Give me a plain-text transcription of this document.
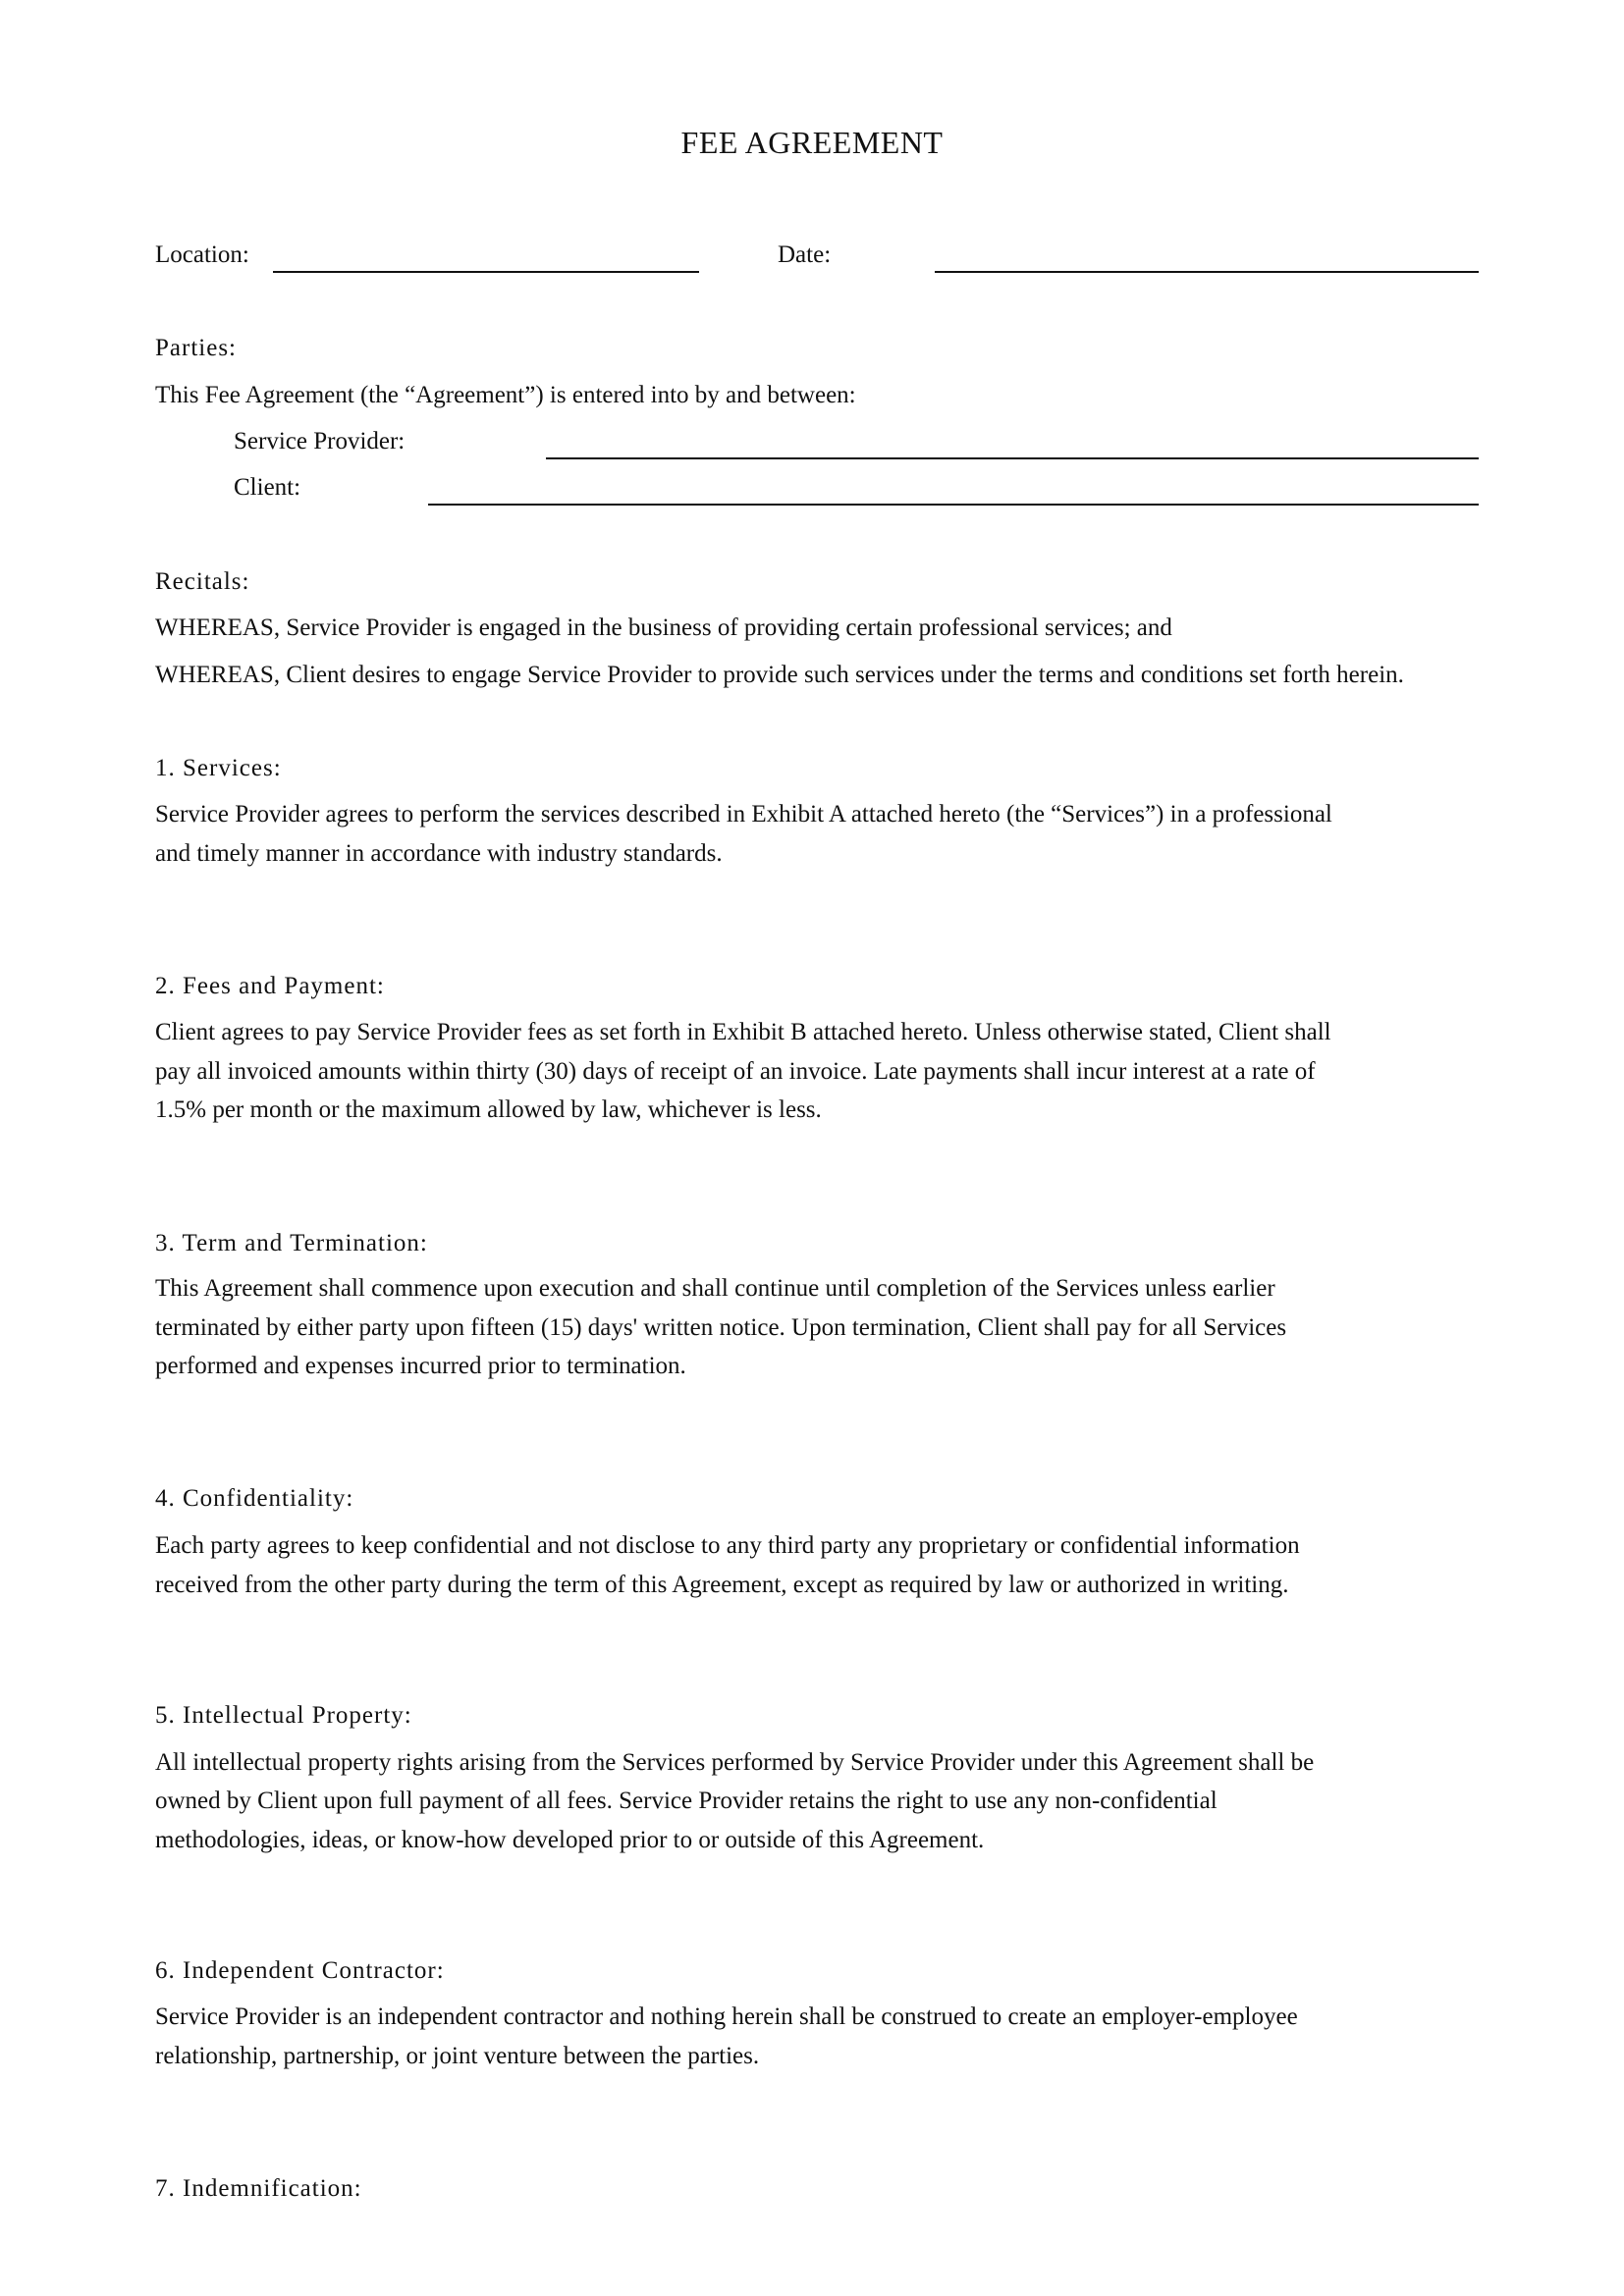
FEE AGREEMENT
Location:	Date:
Parties:
This Fee Agreement (the “Agreement”) is entered into by and between:
Service Provider:
Client:
Recitals:
WHEREAS, Service Provider is engaged in the business of providing certain professional services; and
WHEREAS, Client desires to engage Service Provider to provide such services under the terms and conditions set forth herein.
1. Services:
Service Provider agrees to perform the services described in Exhibit A attached hereto (the “Services”) in a professional
and timely manner in accordance with industry standards.
2. Fees and Payment:
Client agrees to pay Service Provider fees as set forth in Exhibit B attached hereto. Unless otherwise stated, Client shall
pay all invoiced amounts within thirty (30) days of receipt of an invoice. Late payments shall incur interest at a rate of
1.5% per month or the maximum allowed by law, whichever is less.
3. Term and Termination:
This Agreement shall commence upon execution and shall continue until completion of the Services unless earlier
terminated by either party upon fifteen (15) days' written notice. Upon termination, Client shall pay for all Services
performed and expenses incurred prior to termination.
4. Confidentiality:
Each party agrees to keep confidential and not disclose to any third party any proprietary or confidential information
received from the other party during the term of this Agreement, except as required by law or authorized in writing.
5. Intellectual Property:
All intellectual property rights arising from the Services performed by Service Provider under this Agreement shall be
owned by Client upon full payment of all fees. Service Provider retains the right to use any non-confidential
methodologies, ideas, or know-how developed prior to or outside of this Agreement.
6. Independent Contractor:
Service Provider is an independent contractor and nothing herein shall be construed to create an employer-employee
relationship, partnership, or joint venture between the parties.
7. Indemnification:
